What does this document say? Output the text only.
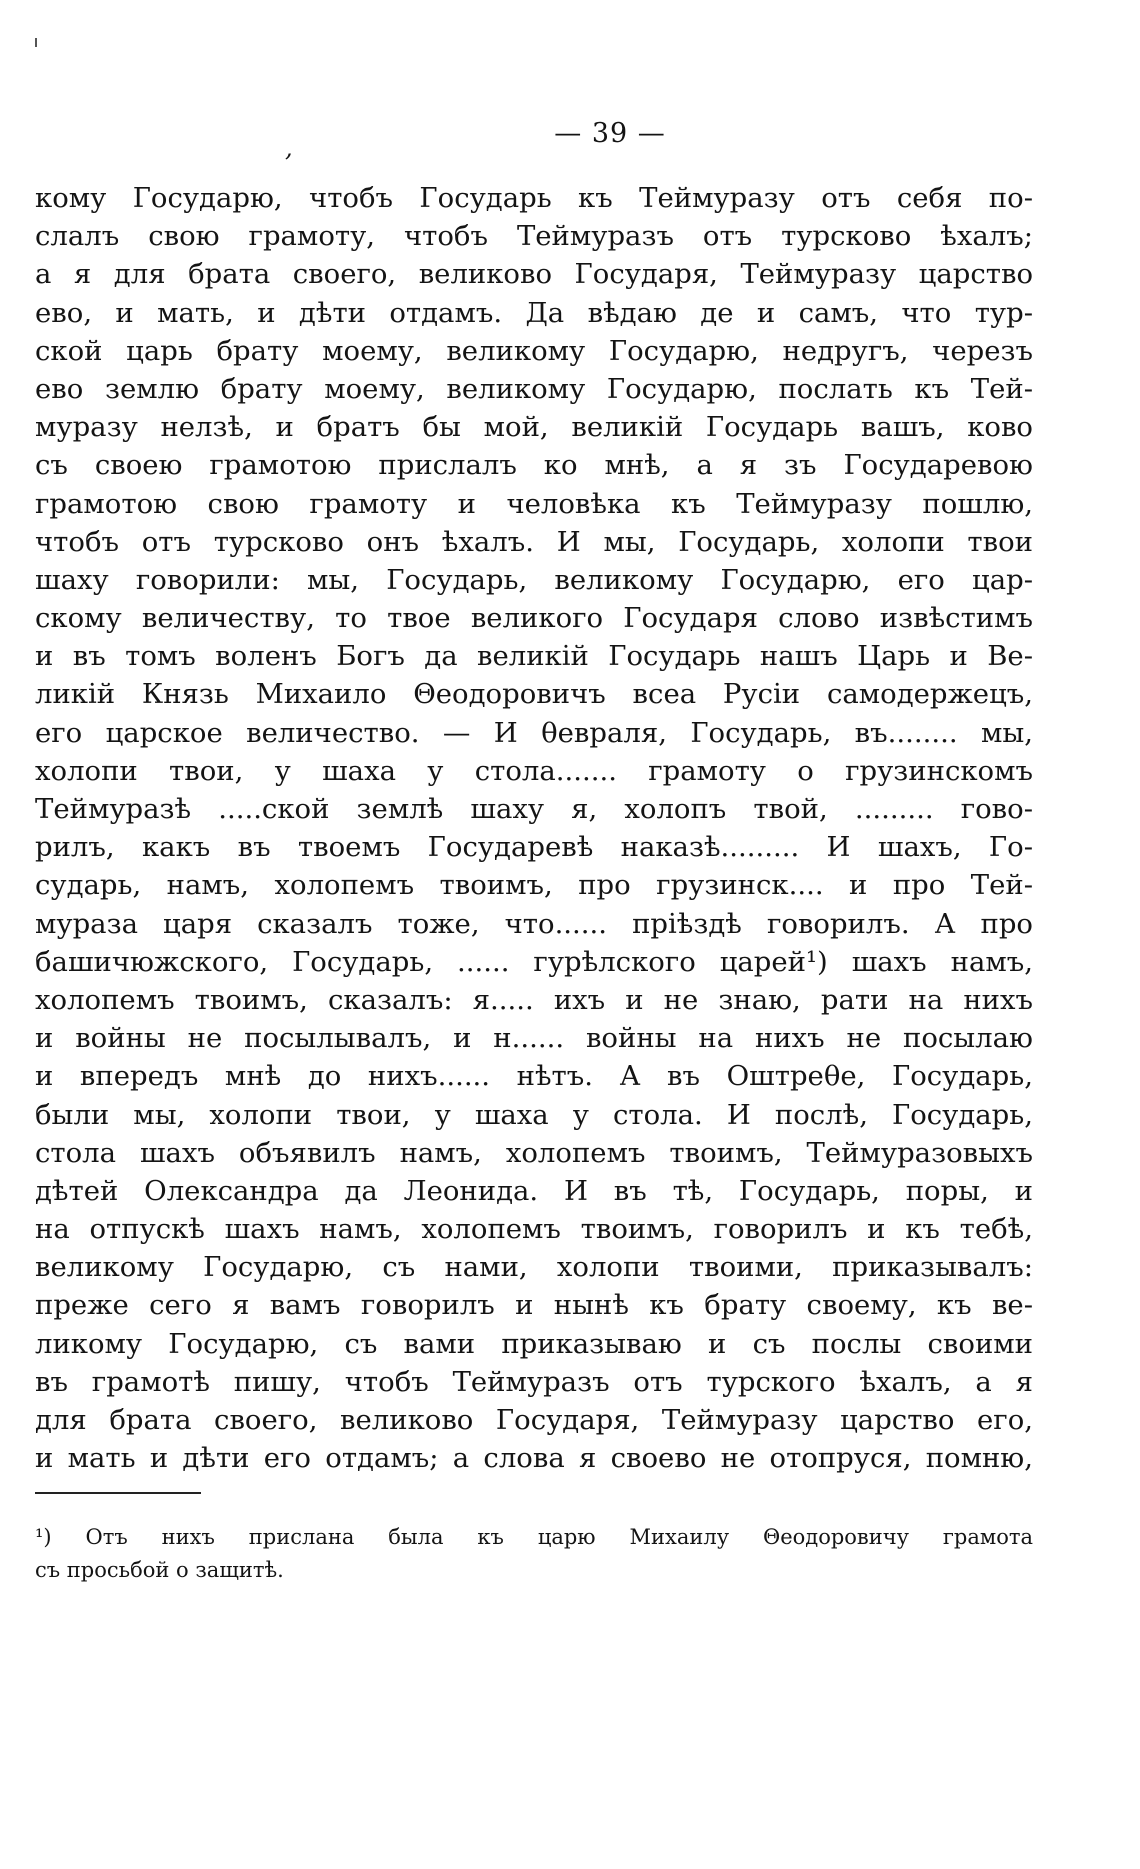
,	— 39 —
кому Государю, чтобъ Государь къ Теймуразу отъ себя по-
слалъ свою грамоту, чтобъ Теймуразъ отъ турсково ѣхалъ;
а я для брата своего, великово Государя, Теймуразу царство
ево, и мать, и дѣти отдамъ. Да вѣдаю де и самъ, что тур-
ской царь брату моему, великому Государю, недругъ, черезъ
ево землю брату моему, великому Государю, послать къ Тей-
муразу нелзѣ, и братъ бы мой, великій Государь вашъ, ково
съ своею грамотою прислалъ ко мнѣ, а я зъ Государевою
грамотою свою грамоту и человѣка къ Теймуразу пошлю,
чтобъ отъ турсково онъ ѣхалъ. И мы, Государь, холопи твои
шаху говорили: мы, Государь, великому Государю, его цар-
скому величеству, то твое великого Государя слово извѣстимъ
и въ томъ воленъ Богъ да великій Государь нашъ Царь и Ве-
ликій Князь Михаило Θеодоровичъ всеа Русіи самодержецъ,
его царское величество. — И θевраля, Государь, въ........ мы,
холопи твои, у шаха у стола....... грамоту о грузинскомъ
Теймуразѣ .....ской землѣ шаху я, холопъ твой, ......... гово-
рилъ, какъ въ твоемъ Государевѣ наказѣ......... И шахъ, Го-
сударь, намъ, холопемъ твоимъ, про грузинск.... и про Тей-
мураза царя сказалъ тоже, что...... пріѣздѣ говорилъ. А про
башичюжского, Государь, ...... гурѣлского царей¹) шахъ намъ,
холопемъ твоимъ, сказалъ: я..... ихъ и не знаю, рати на нихъ
и войны не посылывалъ, и н...... войны на нихъ не посылаю
и впередъ мнѣ до нихъ...... нѣтъ. А въ Оштреθе, Государь,
были мы, холопи твои, у шаха у стола. И послѣ, Государь,
стола шахъ объявилъ намъ, холопемъ твоимъ, Теймуразовыхъ
дѣтей Олександра да Леонида. И въ тѣ, Государь, поры, и
на отпускѣ шахъ намъ, холопемъ твоимъ, говорилъ и къ тебѣ,
великому Государю, съ нами, холопи твоими, приказывалъ:
преже сего я вамъ говорилъ и нынѣ къ брату своему, къ ве-
ликому Государю, съ вами приказываю и съ послы своими
въ грамотѣ пишу, чтобъ Теймуразъ отъ турского ѣхалъ, а я
для брата своего, великово Государя, Теймуразу царство его,
и мать и дѣти его отдамъ; а слова я своево не отопруся, помню,
¹) Отъ нихъ прислана была къ царю Михаилу Θеодоровичу грамота
съ просьбой о защитѣ.
